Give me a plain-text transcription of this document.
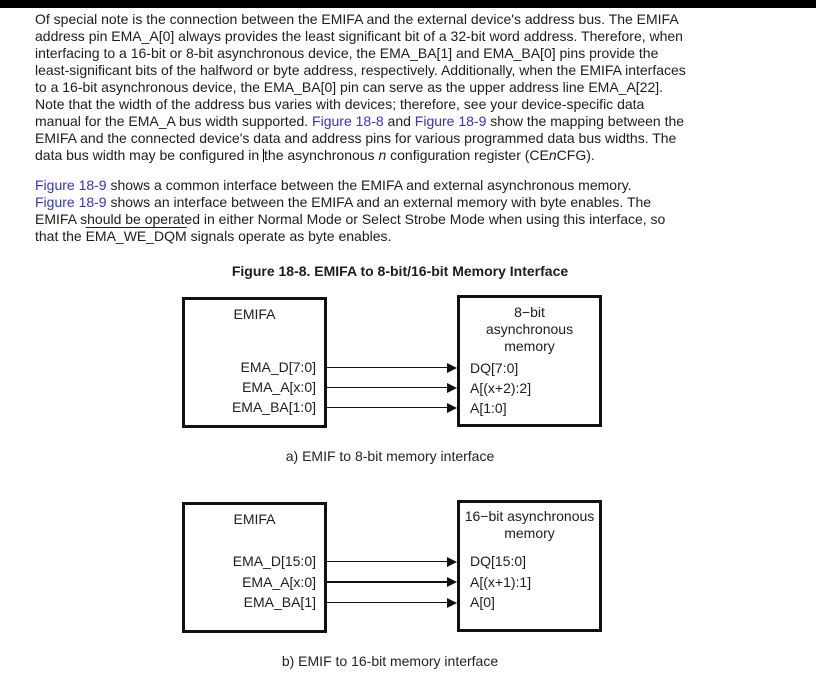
Of special note is the connection between the EMIFA and the external device's address bus. The EMIFA
address pin EMA_A[0] always provides the least significant bit of a 32-bit word address. Therefore, when
interfacing to a 16-bit or 8-bit asynchronous device, the EMA_BA[1] and EMA_BA[0] pins provide the
least-significant bits of the halfword or byte address, respectively. Additionally, when the EMIFA interfaces
to a 16-bit asynchronous device, the EMA_BA[0] pin can serve as the upper address line EMA_A[22].
Note that the width of the address bus varies with devices; therefore, see your device-specific data
manual for the EMA_A bus width supported. Figure 18-8 and Figure 18-9 show the mapping between the
EMIFA and the connected device's data and address pins for various programmed data bus widths. The
data bus width may be configured in the asynchronous n configuration register (CEnCFG).
Figure 18-9 shows a common interface between the EMIFA and external asynchronous memory.
Figure 18-9 shows an interface between the EMIFA and an external memory with byte enables. The
EMIFA should be operated in either Normal Mode or Select Strobe Mode when using this interface, so
that the EMA_WE_DQM signals operate as byte enables.
Figure 18-8. EMIFA to 8-bit/16-bit Memory Interface
EMIFA
EMA_D[7:0]
EMA_A[x:0]
EMA_BA[1:0]
8−bit
asynchronous
memory
DQ[7:0]
A[(x+2):2]
A[1:0]
a) EMIF to 8-bit memory interface
EMIFA
EMA_D[15:0]
EMA_A[x:0]
EMA_BA[1]
16−bit asynchronous
memory
DQ[15:0]
A[(x+1):1]
A[0]
b) EMIF to 16-bit memory interface
